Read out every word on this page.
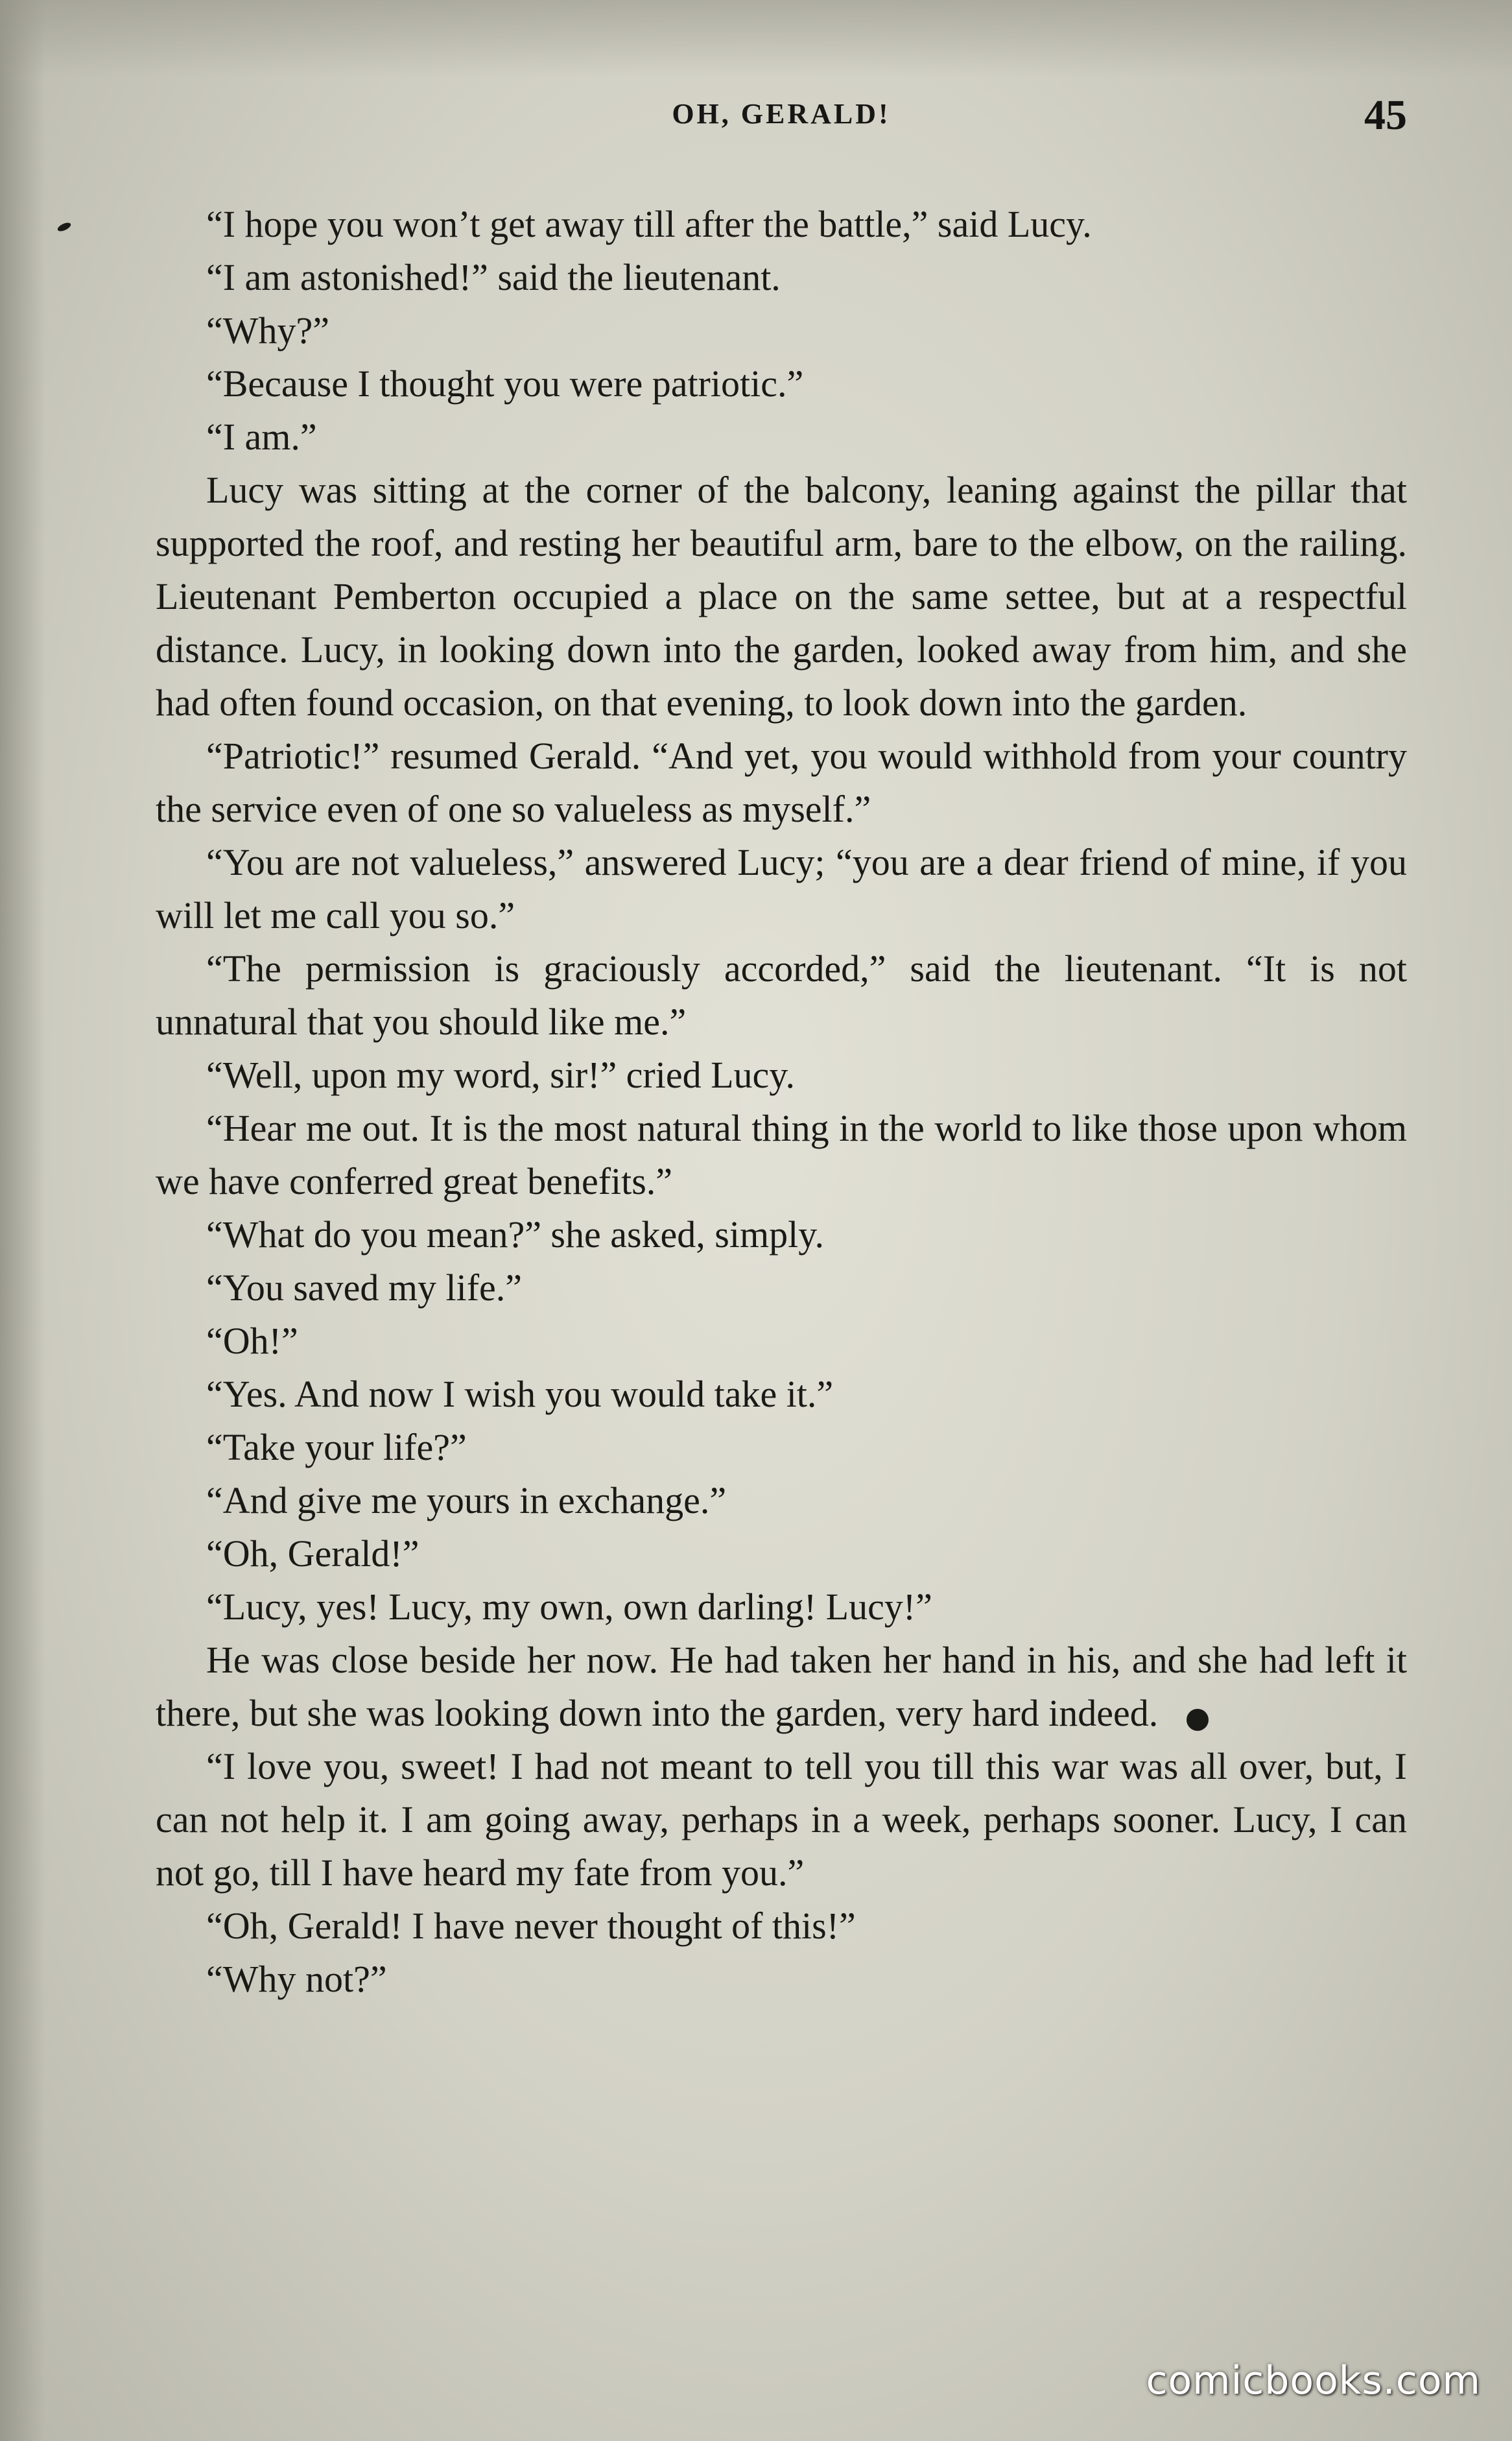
OH, GERALD!	45

“I hope you won’t get away till after the battle,” said Lucy.

“I am astonished!” said the lieutenant.

“Why?”

“Because I thought you were patriotic.”

“I am.”

Lucy was sitting at the corner of the balcony, leaning against the pillar that supported the roof, and resting her beautiful arm, bare to the elbow, on the railing. Lieutenant Pemberton occupied a place on the same settee, but at a respectful distance. Lucy, in looking down into the garden, looked away from him, and she had often found occasion, on that evening, to look down into the garden.

“Patriotic!” resumed Gerald. “And yet, you would withhold from your country the service even of one so valueless as myself.”

“You are not valueless,” answered Lucy; “you are a dear friend of mine, if you will let me call you so.”

“The permission is graciously accorded,” said the lieutenant. “It is not unnatural that you should like me.”

“Well, upon my word, sir!” cried Lucy.

“Hear me out. It is the most natural thing in the world to like those upon whom we have conferred great benefits.”

“What do you mean?” she asked, simply.

“You saved my life.”

“Oh!”

“Yes. And now I wish you would take it.”

“Take your life?”

“And give me yours in exchange.”

“Oh, Gerald!”

“Lucy, yes! Lucy, my own, own darling! Lucy!”

He was close beside her now. He had taken her hand in his, and she had left it there, but she was looking down into the garden, very hard indeed.

“I love you, sweet! I had not meant to tell you till this war was all over, but, I can not help it. I am going away, perhaps in a week, perhaps sooner. Lucy, I can not go, till I have heard my fate from you.”

“Oh, Gerald! I have never thought of this!”

“Why not?”

comicbooks.com
